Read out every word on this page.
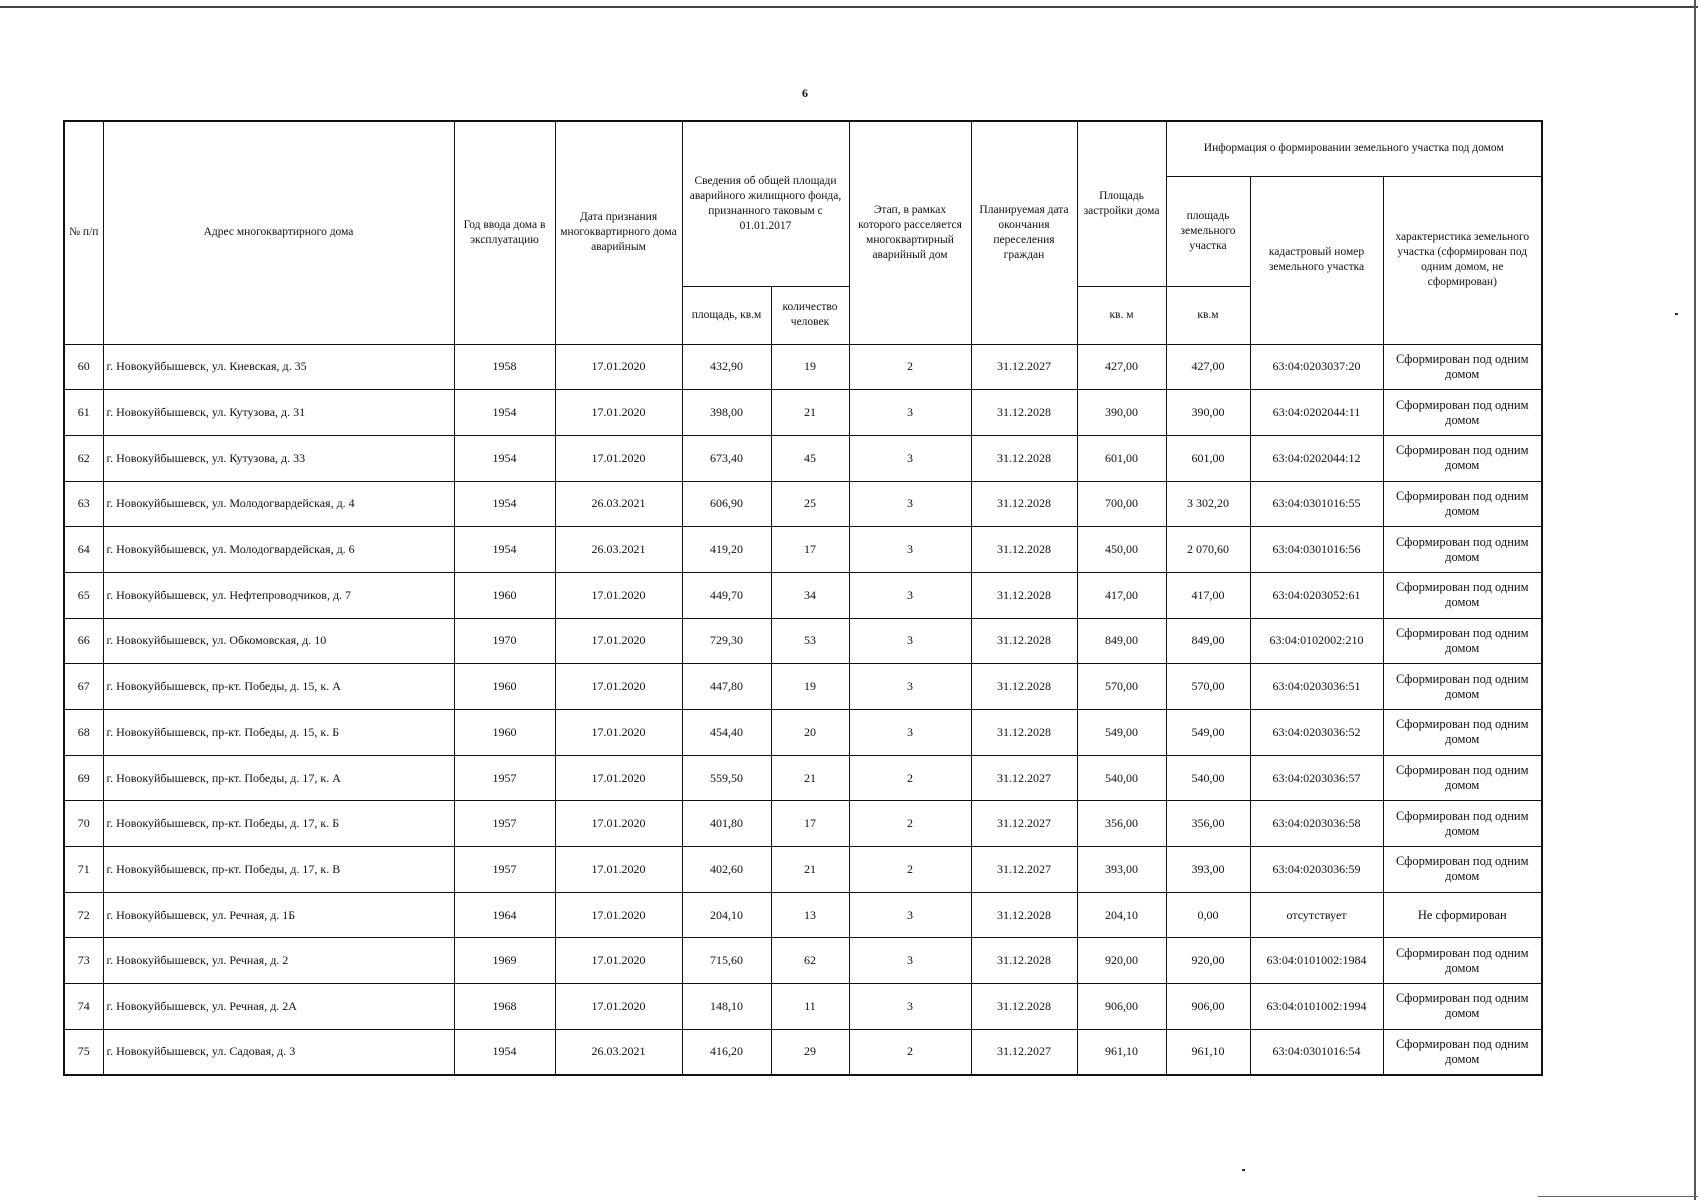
6
№ п/п	Адрес многоквартирного дома	Год ввода дома в эксплуатацию	Дата признания многоквартирного дома аварийным	Сведения об общей площади аварийного жилищного фонда, признанного таковым с 01.01.2017		Этап, в рамках которого расселяется многоквартирный аварийный дом	Планируемая дата окончания переселения граждан	Площадь застройки дома	Информация о формировании земельного участка под домом		
									площадь земельного участка	кадастровый номер земельного участка	характеристика земельного участка (сформирован под одним домом, не сформирован)
				площадь, кв.м	количество человек			кв. м	кв.м		
60	г. Новокуйбышевск, ул. Киевская, д. 35	1958	17.01.2020	432,90	19	2	31.12.2027	427,00	427,00	63:04:0203037:20	Сформирован под одним домом
61	г. Новокуйбышевск, ул. Кутузова, д. 31	1954	17.01.2020	398,00	21	3	31.12.2028	390,00	390,00	63:04:0202044:11	Сформирован под одним домом
62	г. Новокуйбышевск, ул. Кутузова, д. 33	1954	17.01.2020	673,40	45	3	31.12.2028	601,00	601,00	63:04:0202044:12	Сформирован под одним домом
63	г. Новокуйбышевск, ул. Молодогвардейская, д. 4	1954	26.03.2021	606,90	25	3	31.12.2028	700,00	3 302,20	63:04:0301016:55	Сформирован под одним домом
64	г. Новокуйбышевск, ул. Молодогвардейская, д. 6	1954	26.03.2021	419,20	17	3	31.12.2028	450,00	2 070,60	63:04:0301016:56	Сформирован под одним домом
65	г. Новокуйбышевск, ул. Нефтепроводчиков, д. 7	1960	17.01.2020	449,70	34	3	31.12.2028	417,00	417,00	63:04:0203052:61	Сформирован под одним домом
66	г. Новокуйбышевск, ул. Обкомовская, д. 10	1970	17.01.2020	729,30	53	3	31.12.2028	849,00	849,00	63:04:0102002:210	Сформирован под одним домом
67	г. Новокуйбышевск, пр-кт. Победы, д. 15, к. А	1960	17.01.2020	447,80	19	3	31.12.2028	570,00	570,00	63:04:0203036:51	Сформирован под одним домом
68	г. Новокуйбышевск, пр-кт. Победы, д. 15, к. Б	1960	17.01.2020	454,40	20	3	31.12.2028	549,00	549,00	63:04:0203036:52	Сформирован под одним домом
69	г. Новокуйбышевск, пр-кт. Победы, д. 17, к. А	1957	17.01.2020	559,50	21	2	31.12.2027	540,00	540,00	63:04:0203036:57	Сформирован под одним домом
70	г. Новокуйбышевск, пр-кт. Победы, д. 17, к. Б	1957	17.01.2020	401,80	17	2	31.12.2027	356,00	356,00	63:04:0203036:58	Сформирован под одним домом
71	г. Новокуйбышевск, пр-кт. Победы, д. 17, к. В	1957	17.01.2020	402,60	21	2	31.12.2027	393,00	393,00	63:04:0203036:59	Сформирован под одним домом
72	г. Новокуйбышевск, ул. Речная, д. 1Б	1964	17.01.2020	204,10	13	3	31.12.2028	204,10	0,00	отсутствует	Не сформирован
73	г. Новокуйбышевск, ул. Речная, д. 2	1969	17.01.2020	715,60	62	3	31.12.2028	920,00	920,00	63:04:0101002:1984	Сформирован под одним домом
74	г. Новокуйбышевск, ул. Речная, д. 2А	1968	17.01.2020	148,10	11	3	31.12.2028	906,00	906,00	63:04:0101002:1994	Сформирован под одним домом
75	г. Новокуйбышевск, ул. Садовая, д. 3	1954	26.03.2021	416,20	29	2	31.12.2027	961,10	961,10	63:04:0301016:54	Сформирован под одним домом
